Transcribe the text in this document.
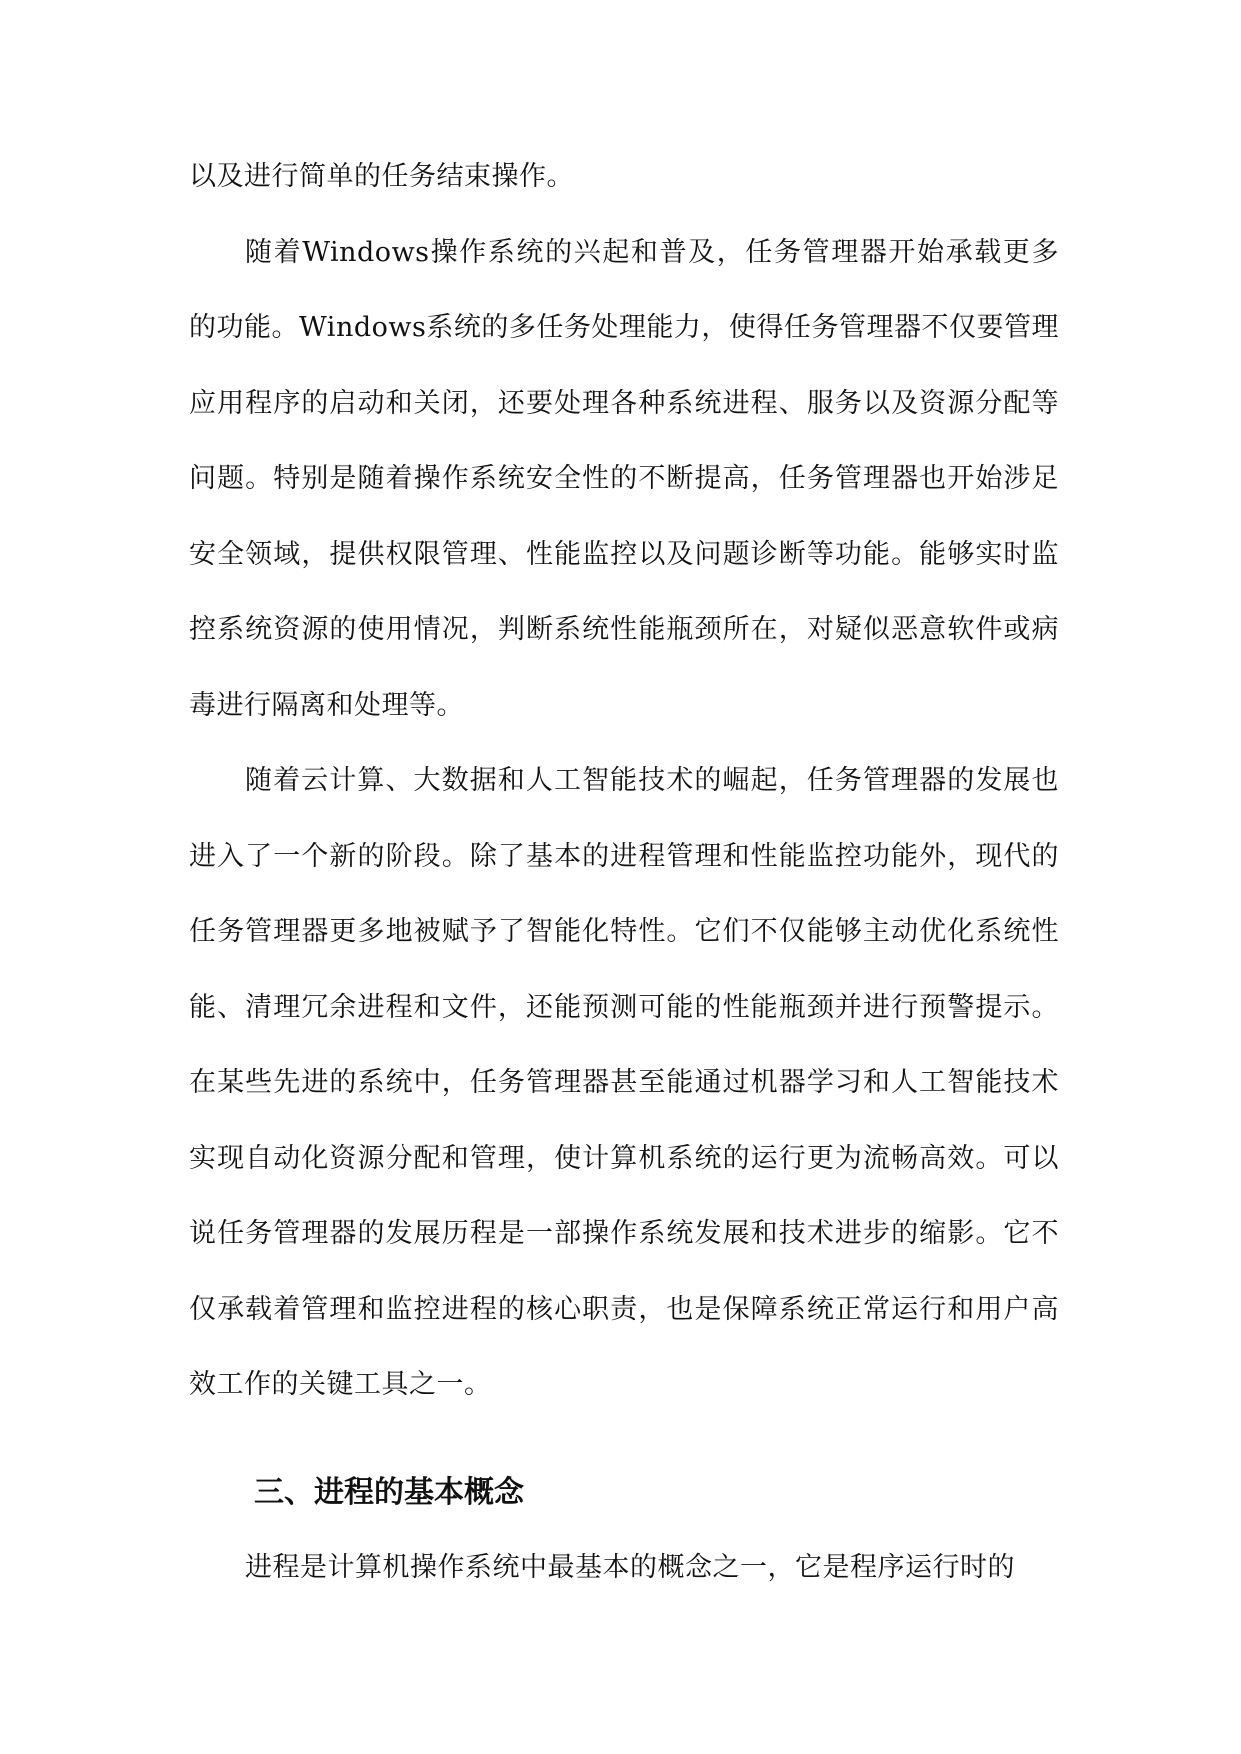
以及进行简单的任务结束操作。

随着Windows操作系统的兴起和普及，任务管理器开始承载更多的功能。Windows系统的多任务处理能力，使得任务管理器不仅要管理应用程序的启动和关闭，还要处理各种系统进程、服务以及资源分配等问题。特别是随着操作系统安全性的不断提高，任务管理器也开始涉足安全领域，提供权限管理、性能监控以及问题诊断等功能。能够实时监控系统资源的使用情况，判断系统性能瓶颈所在，对疑似恶意软件或病毒进行隔离和处理等。

随着云计算、大数据和人工智能技术的崛起，任务管理器的发展也进入了一个新的阶段。除了基本的进程管理和性能监控功能外，现代的任务管理器更多地被赋予了智能化特性。它们不仅能够主动优化系统性能、清理冗余进程和文件，还能预测可能的性能瓶颈并进行预警提示。在某些先进的系统中，任务管理器甚至能通过机器学习和人工智能技术实现自动化资源分配和管理，使计算机系统的运行更为流畅高效。可以说任务管理器的发展历程是一部操作系统发展和技术进步的缩影。它不仅承载着管理和监控进程的核心职责，也是保障系统正常运行和用户高效工作的关键工具之一。

三、进程的基本概念

进程是计算机操作系统中最基本的概念之一，它是程序运行时的
